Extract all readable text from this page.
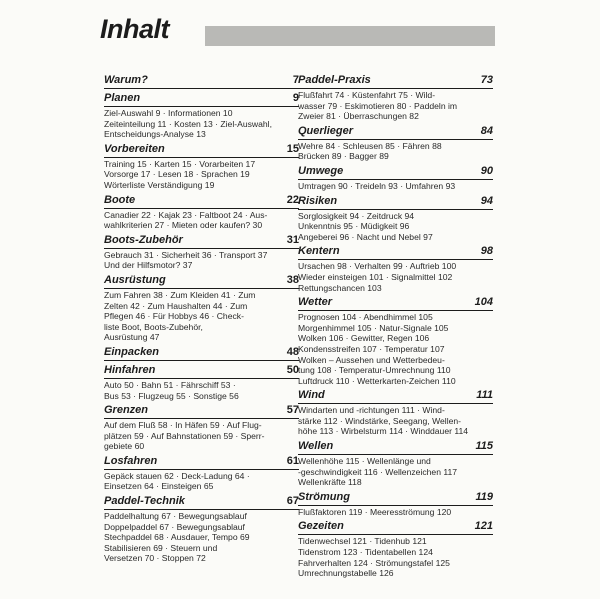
Inhalt
Warum?	7
Planen	9
Ziel-Auswahl 9 · Informationen 10
Zeiteinteilung 11 · Kosten 13 · Ziel-Auswahl,
Entscheidungs-Analyse 13
Vorbereiten	15
Training 15 · Karten 15 · Vorarbeiten 17
Vorsorge 17 · Lesen 18 · Sprachen 19
Wörterliste Verständigung 19
Boote	22
Canadier 22 · Kajak 23 · Faltboot 24 · Aus-
wahlkriterien 27 · Mieten oder kaufen? 30
Boots-Zubehör	31
Gebrauch 31 · Sicherheit 36 · Transport 37
Und der Hilfsmotor? 37
Ausrüstung	38
Zum Fahren 38 · Zum Kleiden 41 · Zum
Zelten 42 · Zum Haushalten 44 · Zum
Pflegen 46 · Für Hobbys 46 · Check-
liste Boot, Boots-Zubehör,
Ausrüstung 47
Einpacken	48
Hinfahren	50
Auto 50 · Bahn 51 · Fährschiff 53 ·
Bus 53 · Flugzeug 55 · Sonstige 56
Grenzen	57
Auf dem Fluß 58 · In Häfen 59 · Auf Flug-
plätzen 59 · Auf Bahnstationen 59 · Sperr-
gebiete 60
Losfahren	61
Gepäck stauen 62 · Deck-Ladung 64 ·
Einsetzen 64 · Einsteigen 65
Paddel-Technik	67
Paddelhaltung 67 · Bewegungsablauf
Doppelpaddel 67 · Bewegungsablauf
Stechpaddel 68 · Ausdauer, Tempo 69
Stabilisieren 69 · Steuern und
Versetzen 70 · Stoppen 72
Paddel-Praxis	73
Flußfahrt 74 · Küstenfahrt 75 · Wild-
wasser 79 · Eskimotieren 80 · Paddeln im
Zweier 81 · Überraschungen 82
Querlieger	84
Wehre 84 · Schleusen 85 · Fähren 88
Brücken 89 · Bagger 89
Umwege	90
Umtragen 90 · Treideln 93 · Umfahren 93
Risiken	94
Sorglosigkeit 94 · Zeitdruck 94
Unkenntnis 95 · Müdigkeit 96
Angeberei 96 · Nacht und Nebel 97
Kentern	98
Ursachen 98 · Verhalten 99 · Auftrieb 100
Wieder einsteigen 101 · Signalmittel 102
Rettungschancen 103
Wetter	104
Prognosen 104 · Abendhimmel 105
Morgenhimmel 105 · Natur-Signale 105
Wolken 106 · Gewitter, Regen 106
Kondensstreifen 107 · Temperatur 107
Wolken – Aussehen und Wetterbedeu-
tung 108 · Temperatur-Umrechnung 110
Luftdruck 110 · Wetterkarten-Zeichen 110
Wind	111
Windarten und -richtungen 111 · Wind-
stärke 112 · Windstärke, Seegang, Wellen-
höhe 113 · Wirbelsturm 114 · Winddauer 114
Wellen	115
Wellenhöhe 115 · Wellenlänge und
-geschwindigkeit 116 · Wellenzeichen 117
Wellenkräfte 118
Strömung	119
Flußfaktoren 119 · Meeresströmung 120
Gezeiten	121
Tidenwechsel 121 · Tidenhub 121
Tidenstrom 123 · Tidentabellen 124
Fahrverhalten 124 · Strömungstafel 125
Umrechnungstabelle 126
